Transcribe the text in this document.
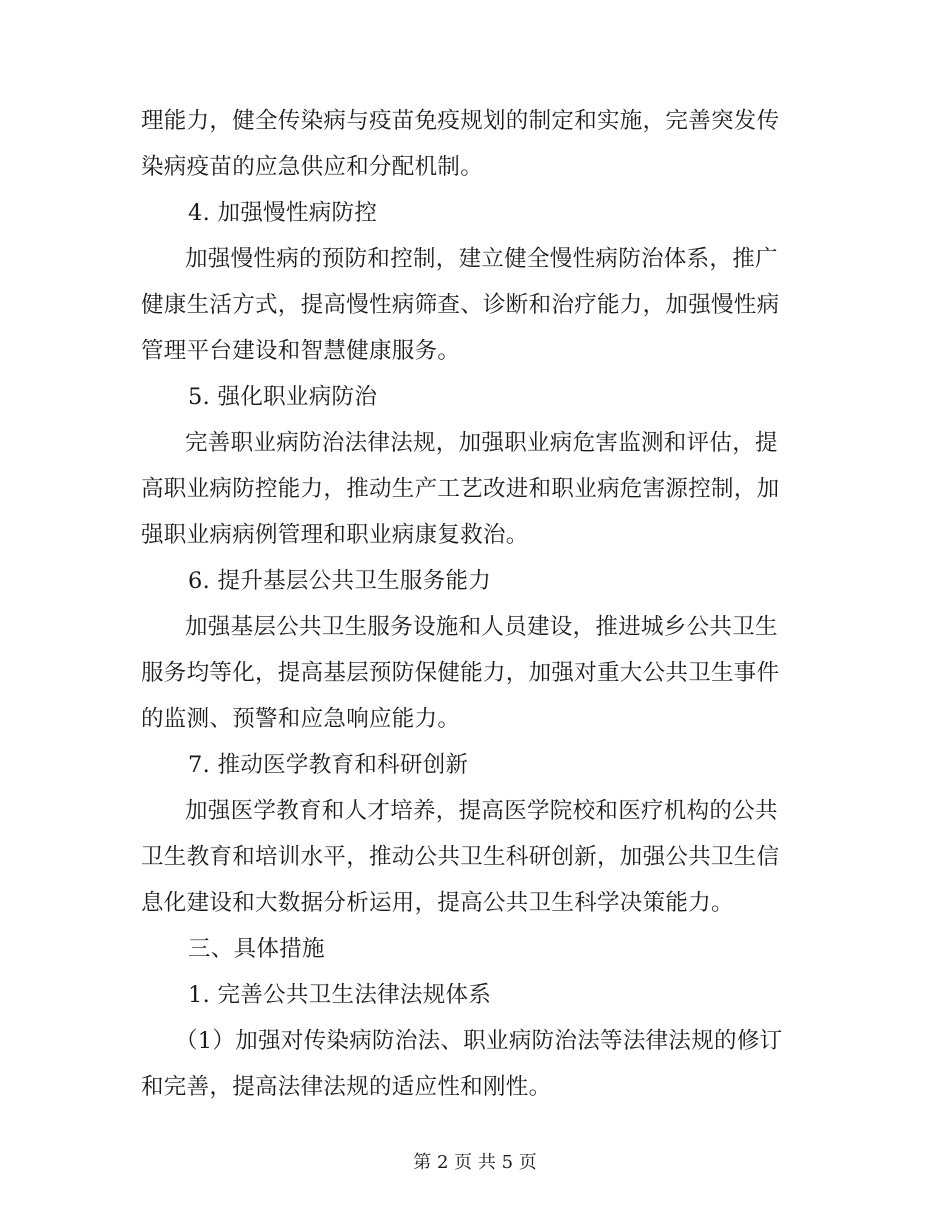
理能力，健全传染病与疫苗免疫规划的制定和实施，完善突发传
染病疫苗的应急供应和分配机制。
4. 加强慢性病防控
加强慢性病的预防和控制，建立健全慢性病防治体系，推广
健康生活方式，提高慢性病筛查、诊断和治疗能力，加强慢性病
管理平台建设和智慧健康服务。
5. 强化职业病防治
完善职业病防治法律法规，加强职业病危害监测和评估，提
高职业病防控能力，推动生产工艺改进和职业病危害源控制，加
强职业病病例管理和职业病康复救治。
6. 提升基层公共卫生服务能力
加强基层公共卫生服务设施和人员建设，推进城乡公共卫生
服务均等化，提高基层预防保健能力，加强对重大公共卫生事件
的监测、预警和应急响应能力。
7. 推动医学教育和科研创新
加强医学教育和人才培养，提高医学院校和医疗机构的公共
卫生教育和培训水平，推动公共卫生科研创新，加强公共卫生信
息化建设和大数据分析运用，提高公共卫生科学决策能力。
三、具体措施
1. 完善公共卫生法律法规体系
（1）加强对传染病防治法、职业病防治法等法律法规的修订
和完善，提高法律法规的适应性和刚性。
第 2 页 共 5 页
